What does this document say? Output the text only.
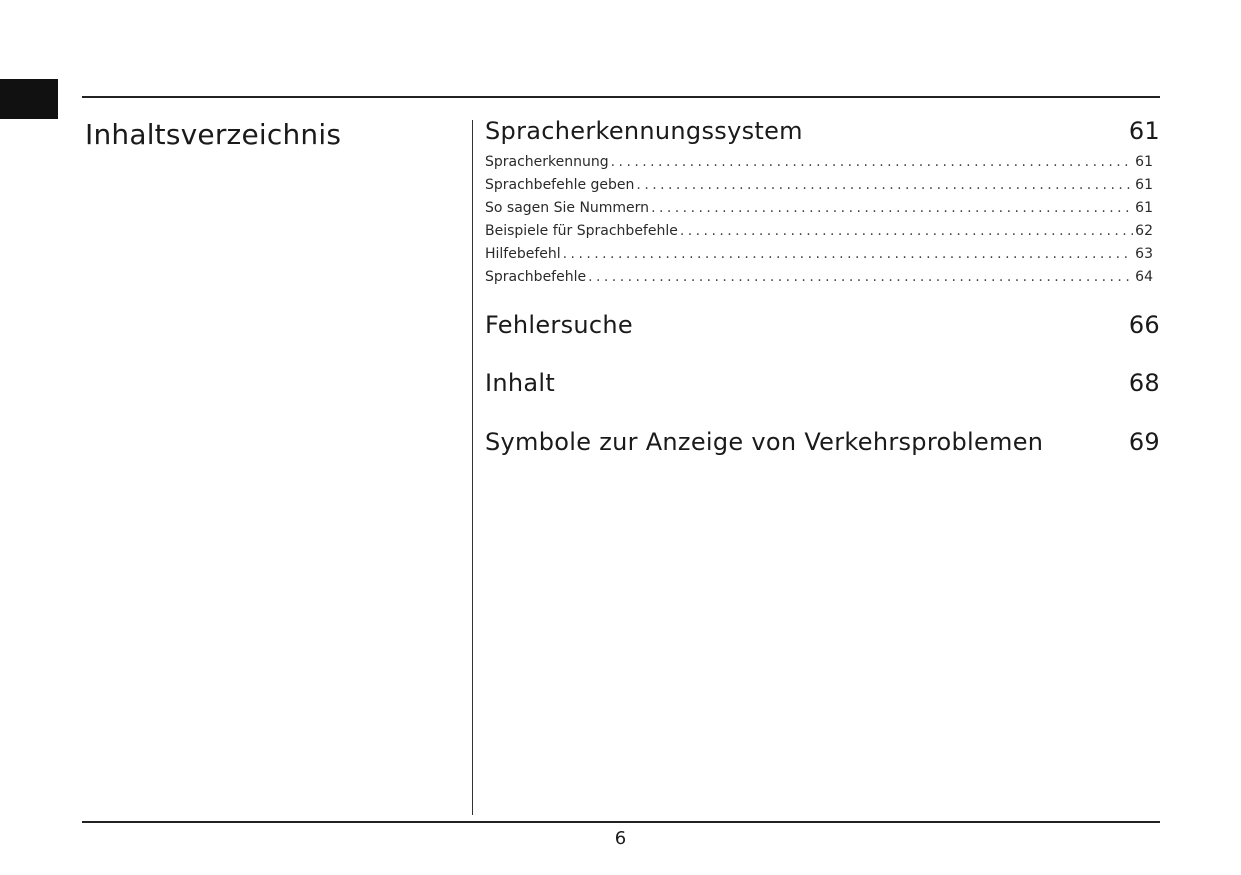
Inhaltsverzeichnis	Spracherkennungssystem	61
Spracherkennung . . .	61
Sprachbefehle geben . . .	61
So sagen Sie Nummern . . .	61
Beispiele für Sprachbefehle . . .	62
Hilfebefehl . . .	63
Sprachbefehle . . .	64
Fehlersuche	66
Inhalt	68
Symbole zur Anzeige von Verkehrsproblemen	69
6
